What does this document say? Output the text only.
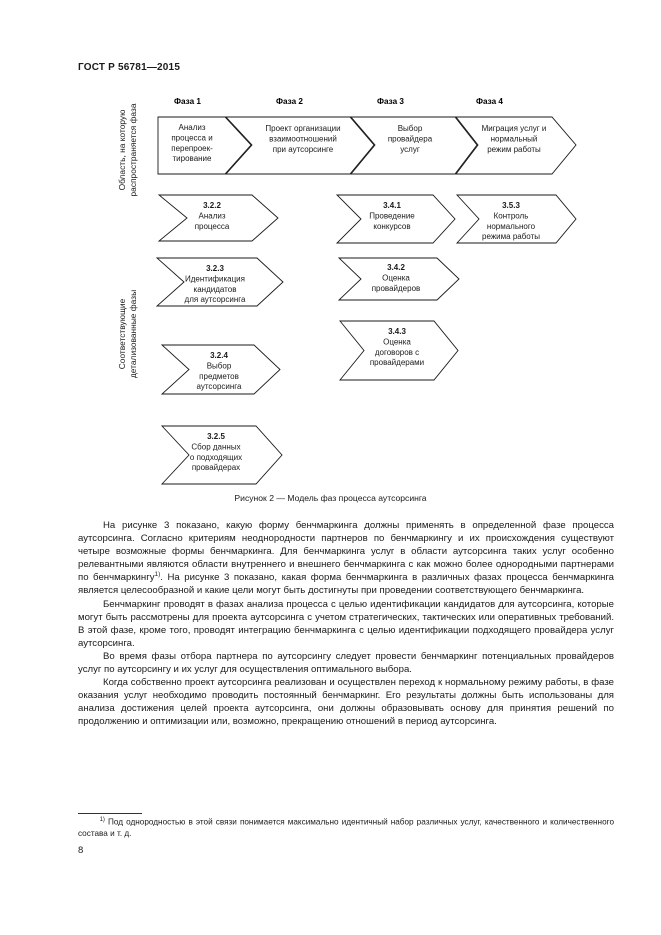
ГОСТ Р 56781—2015
Фаза 1	Фаза 2	Фаза 3	Фаза 4
Анализ
процесса и
перепроек-
тирование
Проект организации
взаимоотношений
при аутсорсинге
Выбор
провайдера
услуг
Миграция услуг и
нормальный
режим работы
3.2.2
Анализ
процесса
3.2.3
Идентификация
кандидатов
для аутсорсинга
3.2.4
Выбор
предметов
аутсорсинга
3.2.5
Сбор данных
о подходящих
провайдерах
3.4.1
Проведение
конкурсов
3.4.2
Оценка
провайдеров
3.4.3
Оценка
договоров с
провайдерами
3.5.3
Контроль
нормального
режима работы
Область, на которую распространяется фаза
Соответствующие детализованные фазы
Рисунок 2 — Модель фаз процесса аутсорсинга

На рисунке 3 показано, какую форму бенчмаркинга должны применять в определенной фазе процесса аутсорсинга. Согласно критериям неоднородности партнеров по бенчмаркингу и их происхождения существуют четыре возможные формы бенчмаркинга. Для бенчмаркинга услуг в области аутсорсинга таких услуг особенно релевантными являются области внутреннего и внешнего бенчмаркинга с как можно более однородными партнерами по бенчмаркингу$^{1)}$. На рисунке 3 показано, какая форма бенчмаркинга в различных фазах процесса бенчмаркинга является целесообразной и какие цели могут быть достигнуты при проведении соответствующего бенчмаркинга.

Бенчмаркинг проводят в фазах анализа процесса с целью идентификации кандидатов для аутсорсинга, которые могут быть рассмотрены для проекта аутсорсинга с учетом стратегических, тактических или оперативных требований. В этой фазе, кроме того, проводят интеграцию бенчмаркинга с целью идентификации подходящего провайдера услуг аутсорсинга.

Во время фазы отбора партнера по аутсорсингу следует провести бенчмаркинг потенциальных провайдеров услуг по аутсорсингу и их услуг для осуществления оптимального выбора.

Когда собственно проект аутсорсинга реализован и осуществлен переход к нормальному режиму работы, в фазе оказания услуг необходимо проводить постоянный бенчмаркинг. Его результаты должны быть использованы для анализа достижения целей проекта аутсорсинга, они должны образовывать основу для принятия решений по продолжению и оптимизации или, возможно, прекращению отношений в период аутсорсинга.

$^{1)}$ Под однородностью в этой связи понимается максимально идентичный набор различных услуг, качественного и количественного состава и т. д.
8
